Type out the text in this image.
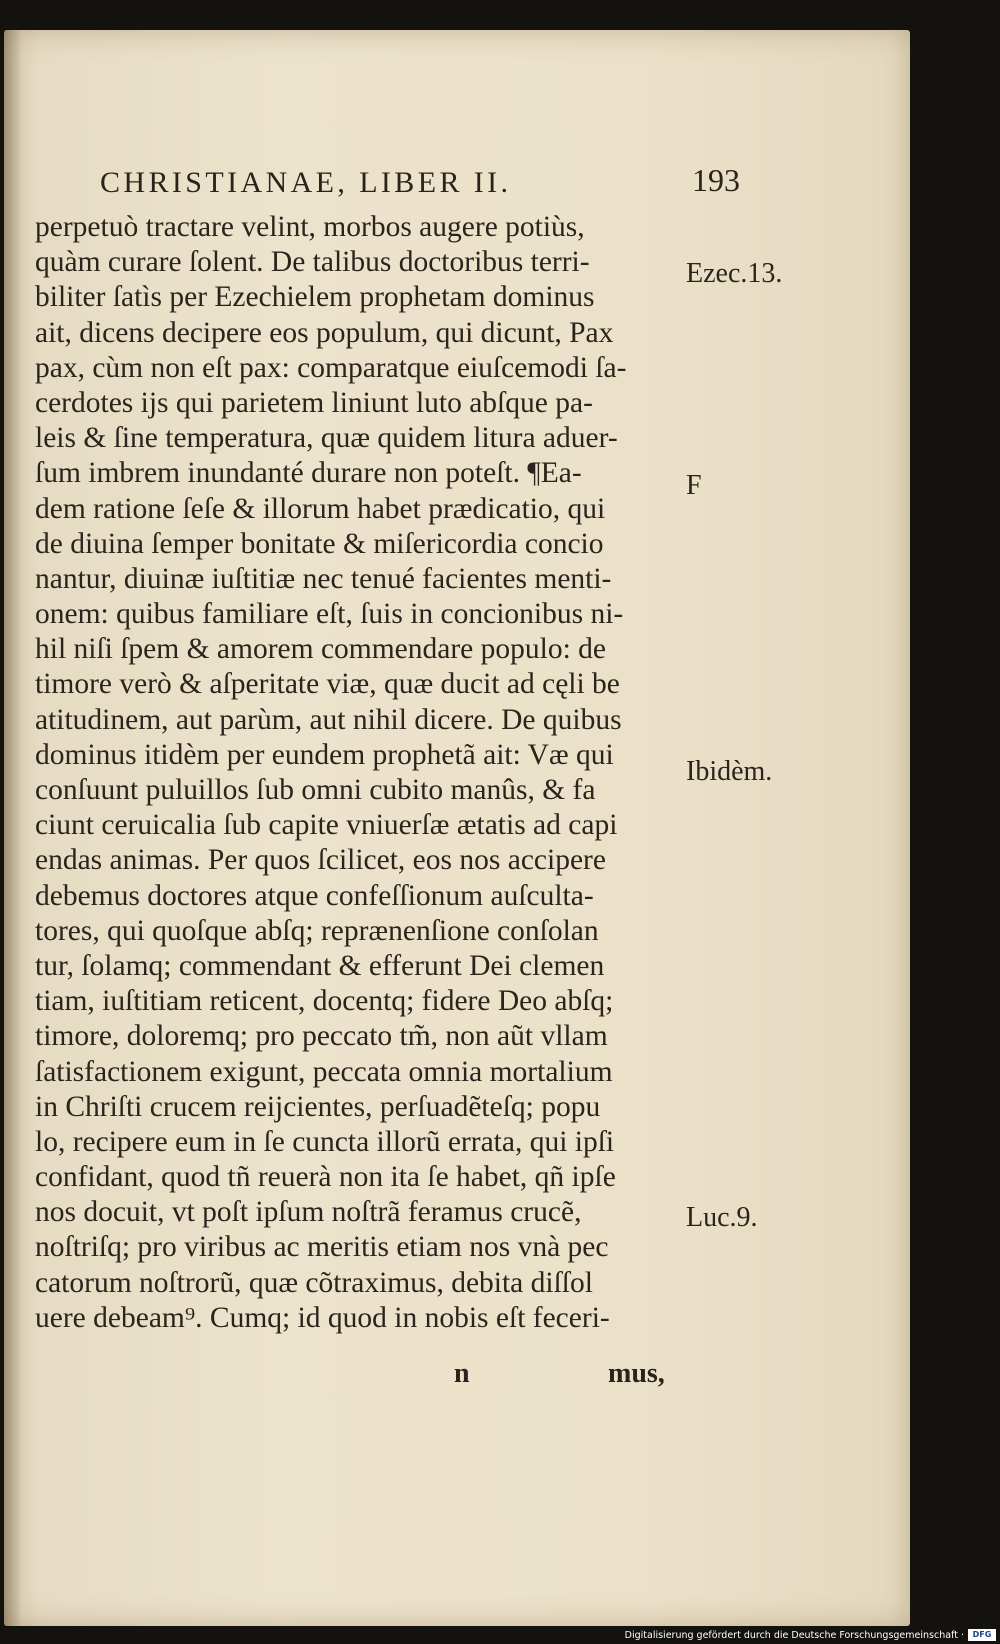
CHRISTIANAE, LIBER II.	193
perpetuò tractare velint, morbos augere potiùs,
quàm curare ſolent. De talibus doctoribus terri-
biliter ſatìs per Ezechielem prophetam dominus
ait, dicens decipere eos populum, qui dicunt, Pax
pax, cùm non eſt pax: comparatque eiuſcemodi ſa-
cerdotes ijs qui parietem liniunt luto abſque pa-
leis & ſine temperatura, quæ quidem litura aduer-
ſum imbrem inundanté durare non poteſt. ¶Ea-
dem ratione ſeſe & illorum habet prædicatio, qui
de diuina ſemper bonitate & miſericordia concio
nantur, diuinæ iuſtitiæ nec tenué facientes menti-
onem: quibus familiare eſt, ſuis in concionibus ni-
hil niſi ſpem & amorem commendare populo: de
timore verò & aſperitate viæ, quæ ducit ad cęli be
atitudinem, aut parùm, aut nihil dicere. De quibus
dominus itidèm per eundem prophetã ait: Væ qui
conſuunt puluillos ſub omni cubito manûs, & fa
ciunt ceruicalia ſub capite vniuerſæ ætatis ad capi
endas animas. Per quos ſcilicet, eos nos accipere
debemus doctores atque confeſſionum auſculta-
tores, qui quoſque abſq; reprænenſione conſolan
tur, ſolamq; commendant & efferunt Dei clemen
tiam, iuſtitiam reticent, docentq; fidere Deo abſq;
timore, doloremq; pro peccato tm̃, non aũt vllam
ſatisfactionem exigunt, peccata omnia mortalium
in Chriſti crucem reijcientes, perſuadẽteſq; popu
lo, recipere eum in ſe cuncta illorũ errata, qui ipſi
confidant, quod tñ reuerà non ita ſe habet, qñ ipſe
nos docuit, vt poſt ipſum noſtrã feramus crucẽ,
noſtriſq; pro viribus ac meritis etiam nos vnà pec
catorum noſtrorũ, quæ cõtraximus, debita diſſol
uere debeam⁹. Cumq; id quod in nobis eſt feceri-
Ezec.13.
F
Ibidèm.
Luc.9.
n	mus,
Digitalisierung gefördert durch die Deutsche Forschungsgemeinschaft ·	DFG
